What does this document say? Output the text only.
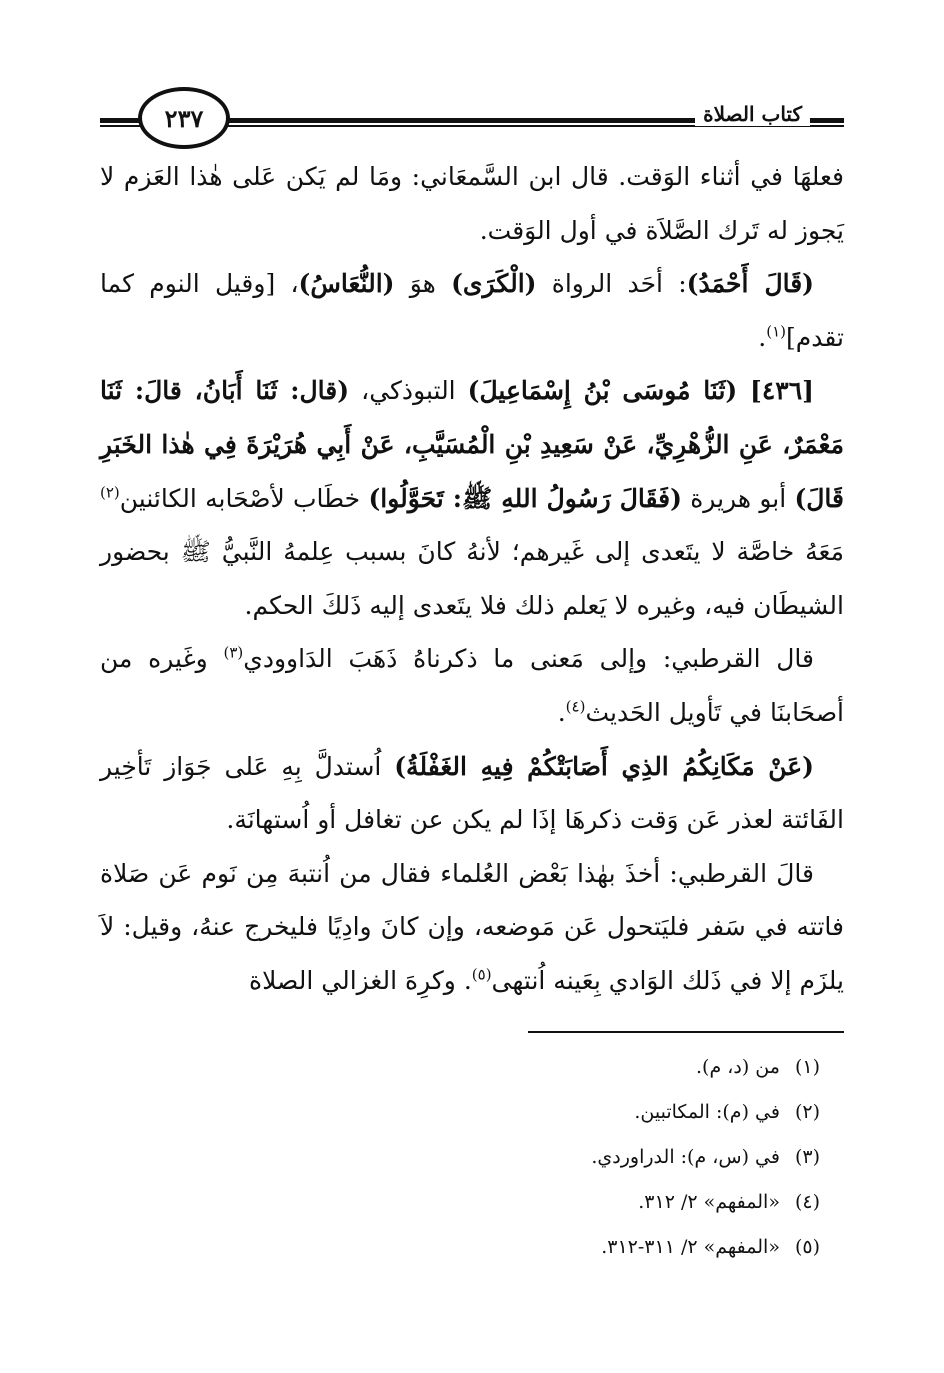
٢٣٧	كتاب الصلاة

فعلهَا في أثناء الوَقت. قال ابن السَّمعَاني: ومَا لم يَكن عَلى هٰذا العَزم لا يَجوز له تَرك الصَّلاَة في أول الوَقت.

(قَالَ أَحْمَدُ): أحَد الرواة (الْكَرَى) هوَ (النُّعَاسُ)، [وقيل النوم كما تقدم]$^{(١)}$.

[٤٣٦] (ثَنَا مُوسَى بْنُ إِسْمَاعِيلَ) التبوذكي، (قال: ثَنَا أَبَانُ، قالَ: ثَنَا مَعْمَرٌ، عَنِ الزُّهْرِيِّ، عَنْ سَعِيدِ بْنِ الْمُسَيَّبِ، عَنْ أَبِي هُرَيْرَةَ فِي هٰذا الخَبَرِ قَالَ) أبو هريرة (فَقَالَ رَسُولُ اللهِ ﷺ: تَحَوَّلُوا) خطَاب لأصْحَابه الكائنين$^{(٢)}$ مَعَهُ خاصَّة لا يتَعدى إلى غَيرهم؛ لأنهُ كانَ بسبب عِلمهُ النَّبيُّ ﷺ بحضور الشيطَان فيه، وغيره لا يَعلم ذلك فلا يتَعدى إليه ذَلكَ الحكم.

قال القرطبي: وإلى مَعنى ما ذكرناهُ ذَهَبَ الدَاوودي$^{(٣)}$ وغَيره من أصحَابنَا في تَأويل الحَديث$^{(٤)}$.

(عَنْ مَكَانِكُمُ الذِي أَصَابَتْكُمْ فِيهِ الغَفْلَةُ) اُستدلَّ بِهِ عَلى جَوَاز تَأخِير الفَائتة لعذر عَن وَقت ذكرهَا إذَا لم يكن عن تغافل أو اُستهانَة.

قالَ القرطبي: أخذَ بهٰذا بَعْض العُلماء فقال من اُنتبهَ مِن نَوم عَن صَلاة فاتته في سَفر فليَتحول عَن مَوضعه، وإن كانَ وادِيًا فليخرج عنهُ، وقيل: لاَ يلزَم إلا في ذَلك الوَادي بِعَينه اُنتهى$^{(٥)}$. وكرِهَ الغزالي الصلاة

(١) من (د، م).
(٢) في (م): المكاتبين.
(٣) في (س، م): الدراوردي.
(٤) «المفهم» ٢/ ٣١٢.
(٥) «المفهم» ٢/ ٣١١-٣١٢.
